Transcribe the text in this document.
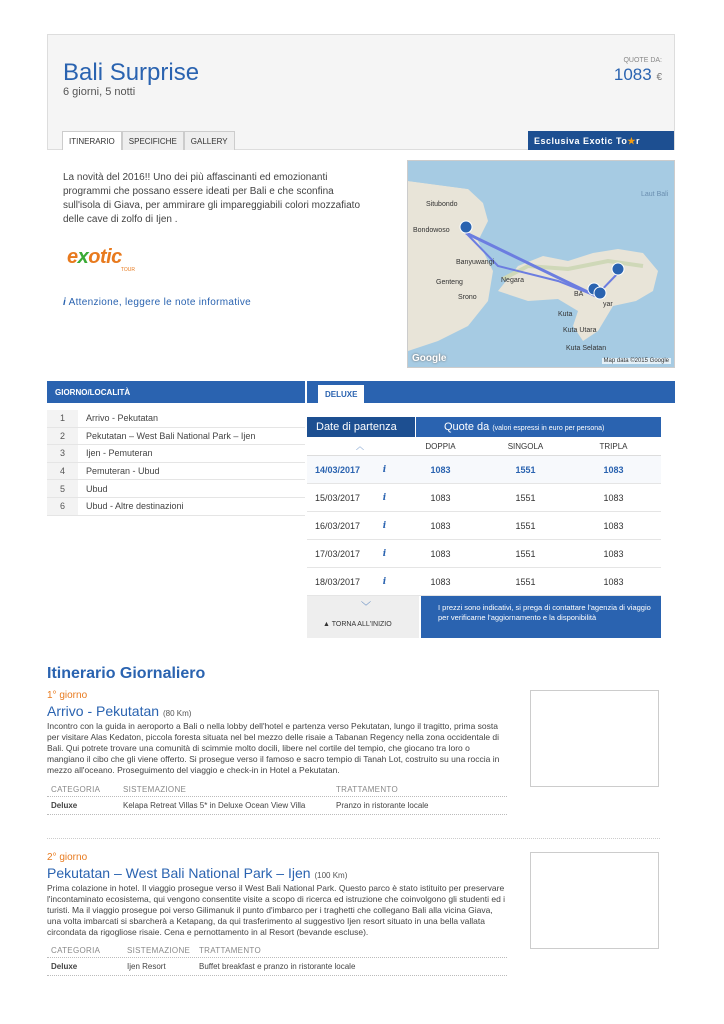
Bali Surprise
6 giorni, 5 notti
QUOTE DA:
1083 €
ITINERARIO	SPECIFICHE	GALLERY	Esclusiva Exotic To★r

La novità del 2016!! Uno dei più affascinanti ed emozionanti programmi che possano essere ideati per Bali e che sconfina sull'isola di Giava, per ammirare gli impareggiabili colori mozzafiato delle cave di zolfo di Ijen .

exotic
TOUR
i Attenzione, leggere le note informative
Situbondo
Bondowoso
Banyuwangi
Genteng
Srono
Negara
BA
yar
Kuta
Kuta Utara
Kuta Selatan
Laut Bali
Google	Map data ©2015 Google
GIORNO/LOCALITÀ	DELUXE
1	Arrivo - Pekutatan
2	Pekutatan – West Bali National Park – Ijen
3	Ijen - Pemuteran
4	Pemuteran - Ubud
5	Ubud
6	Ubud - Altre destinazioni
Date di partenza	Quote da (valori espressi in euro per persona)
︿	DOPPIA	SINGOLA	TRIPLA
14/03/2017	i	1083	1551	1083
15/03/2017	i	1083	1551	1083
16/03/2017	i	1083	1551	1083
17/03/2017	i	1083	1551	1083
18/03/2017	i	1083	1551	1083
﹀
▲ TORNA ALL'INIZIO
I prezzi sono indicativi, si prega di contattare l'agenzia di viaggio per verificarne l'aggiornamento e la disponibilità
Itinerario Giornaliero
1° giorno
Arrivo - Pekutatan (80 Km)

Incontro con la guida in aeroporto a Bali o nella lobby dell'hotel e partenza verso Pekutatan, lungo il tragitto, prima sosta per visitare Alas Kedaton, piccola foresta situata nel bel mezzo delle risaie a Tabanan Regency nella zona occidentale di Bali. Qui potrete trovare una comunità di scimmie molto docili, libere nel cortile del tempio, che giocano tra loro o mangiano il cibo che gli viene offerto. Si prosegue verso il famoso e sacro tempio di Tanah Lot, costruito su una roccia in mezzo all'oceano. Proseguimento del viaggio e check-in in Hotel a Pekutatan.

CATEGORIA	SISTEMAZIONE	TRATTAMENTO
Deluxe	Kelapa Retreat Villas 5* in Deluxe Ocean View Villa	Pranzo in ristorante locale
2° giorno
Pekutatan – West Bali National Park – Ijen (100 Km)

Prima colazione in hotel. Il viaggio prosegue verso il West Bali National Park. Questo parco è stato istituito per preservare l'incontaminato ecosistema, qui vengono consentite visite a scopo di ricerca ed istruzione che coinvolgono gli studenti ed i turisti. Ma il viaggio prosegue poi verso Gilimanuk il punto d'imbarco per i traghetti che collegano Bali alla vicina Giava, una volta imbarcati si sbarcherà a Ketapang, da qui trasferimento al suggestivo Ijen resort situato in una bella vallata circondata da rigogliose risaie. Cena e pernottamento in al Resort (bevande escluse).

CATEGORIA	SISTEMAZIONE	TRATTAMENTO
Deluxe	Ijen Resort	Buffet breakfast e pranzo in ristorante locale
